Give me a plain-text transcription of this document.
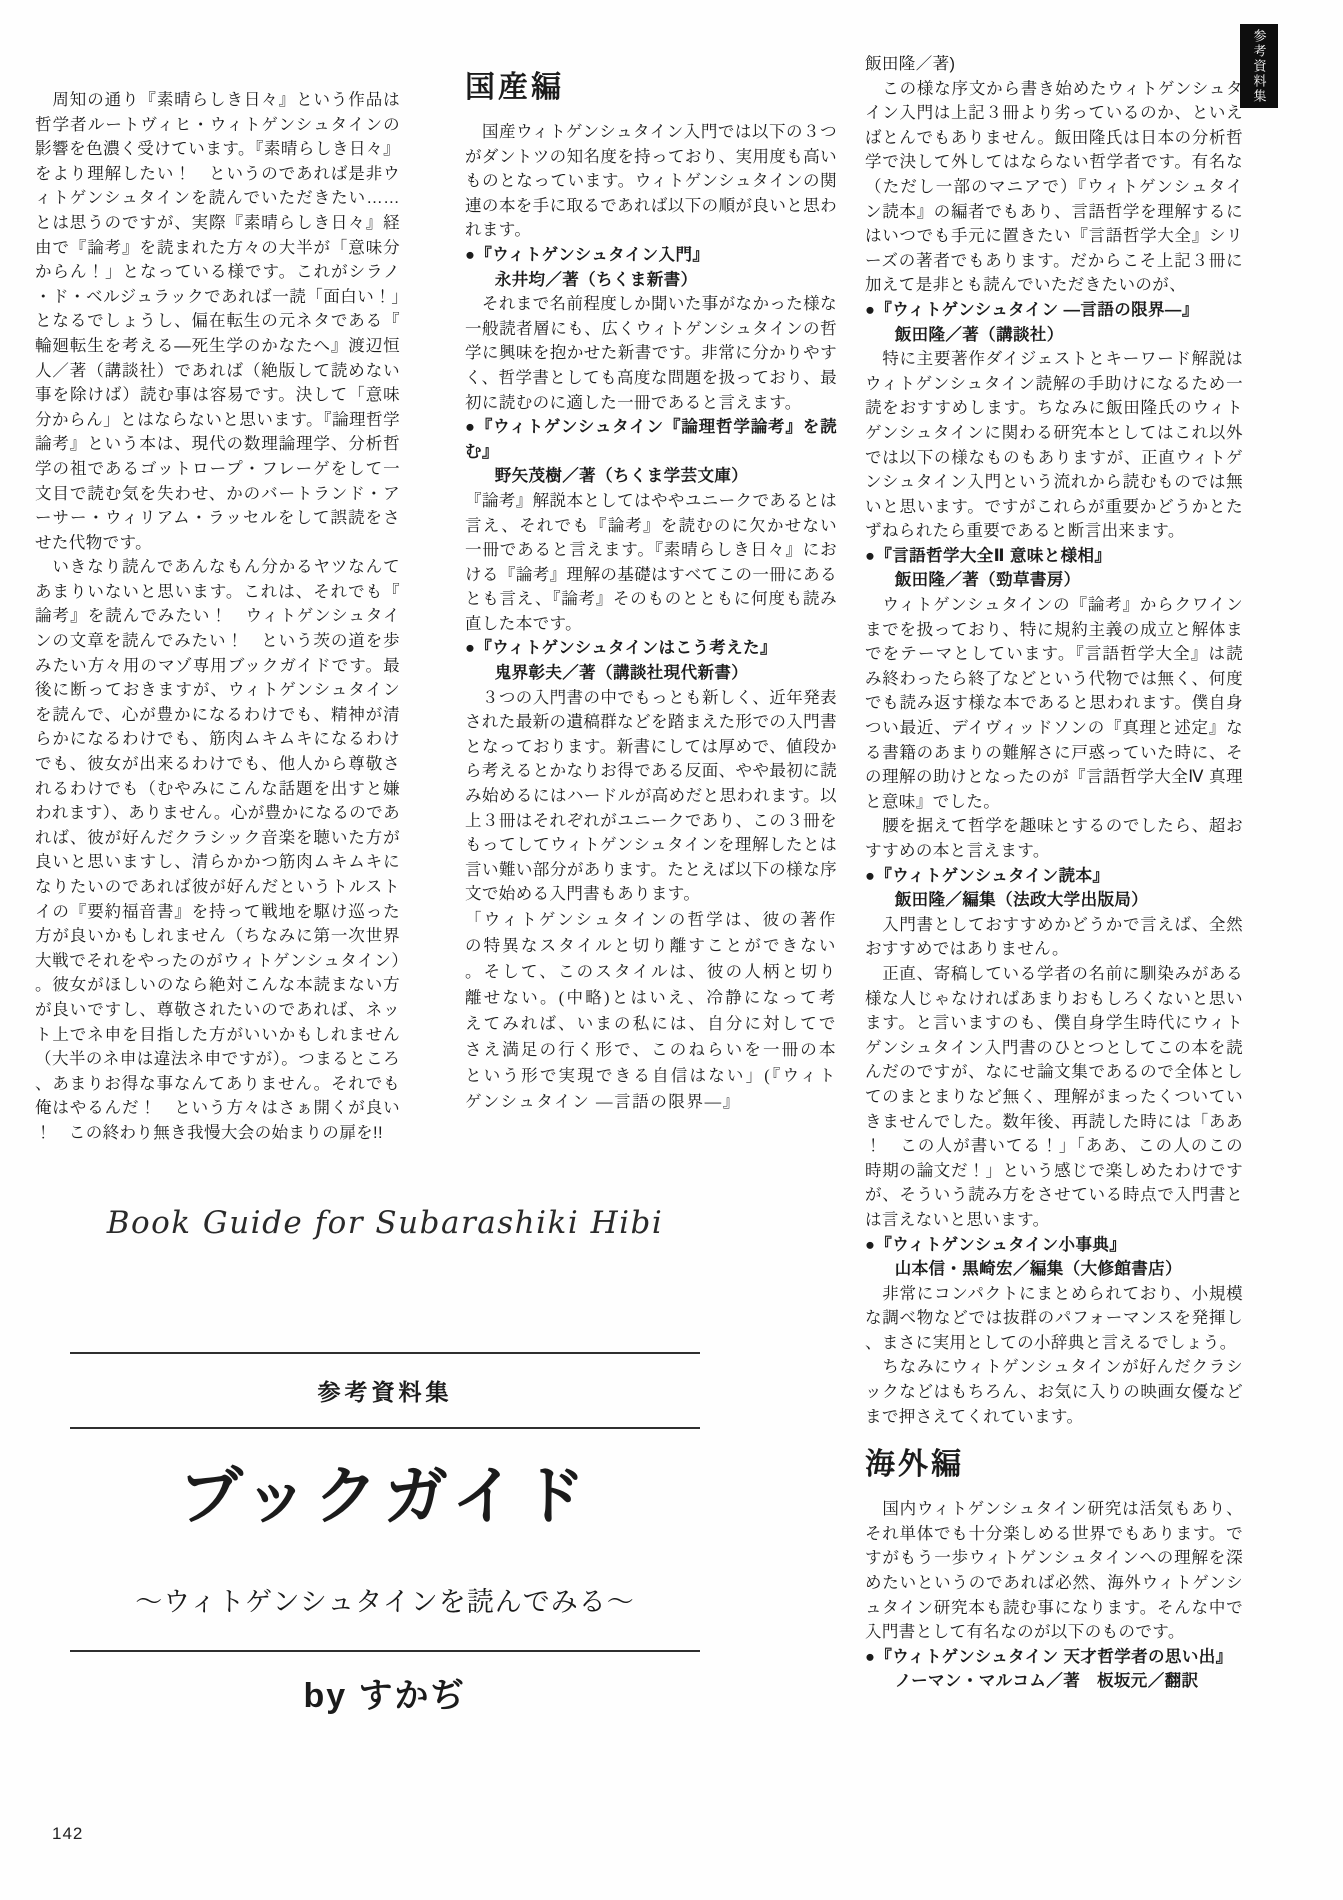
参考資料集

　周知の通り『素晴らしき日々』という作品は哲学者ルートヴィヒ・ウィトゲンシュタインの影響を色濃く受けています。『素晴らしき日々』をより理解したい！　というのであれば是非ウィトゲンシュタインを読んでいただきたい……とは思うのですが、実際『素晴らしき日々』経由で『論考』を読まれた方々の大半が「意味分からん！」となっている様です。これがシラノ・ド・ベルジュラックであれば一読「面白い！」となるでしょうし、偏在転生の元ネタである『輪廻転生を考える―死生学のかなたへ』渡辺恒人／著（講談社）であれば（絶版して読めない事を除けば）読む事は容易です。決して「意味分からん」とはならないと思います。『論理哲学論考』という本は、現代の数理論理学、分析哲学の祖であるゴットロープ・フレーゲをして一文目で読む気を失わせ、かのバートランド・アーサー・ウィリアム・ラッセルをして誤読をさせた代物です。

　いきなり読んであんなもん分かるヤツなんてあまりいないと思います。これは、それでも『論考』を読んでみたい！　ウィトゲンシュタインの文章を読んでみたい！　という茨の道を歩みたい方々用のマゾ専用ブックガイドです。最後に断っておきますが、ウィトゲンシュタインを読んで、心が豊かになるわけでも、精神が清らかになるわけでも、筋肉ムキムキになるわけでも、彼女が出来るわけでも、他人から尊敬されるわけでも（むやみにこんな話題を出すと嫌われます）、ありません。心が豊かになるのであれば、彼が好んだクラシック音楽を聴いた方が良いと思いますし、清らかかつ筋肉ムキムキになりたいのであれば彼が好んだというトルストイの『要約福音書』を持って戦地を駆け巡った方が良いかもしれません（ちなみに第一次世界大戦でそれをやったのがウィトゲンシュタイン）。彼女がほしいのなら絶対こんな本読まない方が良いですし、尊敬されたいのであれば、ネット上でネ申を目指した方がいいかもしれません（大半のネ申は違法ネ申ですが）。つまるところ、あまりお得な事なんてありません。それでも俺はやるんだ！　という方々はさぁ開くが良い！　この終わり無き我慢大会の始まりの扉を!!

国産編

　国産ウィトゲンシュタイン入門では以下の３つがダントツの知名度を持っており、実用度も高いものとなっています。ウィトゲンシュタインの関連の本を手に取るであれば以下の順が良いと思われます。

●『ウィトゲンシュタイン入門』

永井均／著（ちくま新書）

　それまで名前程度しか聞いた事がなかった様な一般読者層にも、広くウィトゲンシュタインの哲学に興味を抱かせた新書です。非常に分かりやすく、哲学書としても高度な問題を扱っており、最初に読むのに適した一冊であると言えます。

●『ウィトゲンシュタイン『論理哲学論考』を読む』

野矢茂樹／著（ちくま学芸文庫）

『論考』解説本としてはややユニークであるとは言え、それでも『論考』を読むのに欠かせない一冊であると言えます。『素晴らしき日々』における『論考』理解の基礎はすべてこの一冊にあるとも言え、『論考』そのものとともに何度も読み直した本です。

●『ウィトゲンシュタインはこう考えた』

鬼界彰夫／著（講談社現代新書）

　３つの入門書の中でもっとも新しく、近年発表された最新の遺稿群などを踏まえた形での入門書となっております。新書にしては厚めで、値段から考えるとかなりお得である反面、やや最初に読み始めるにはハードルが高めだと思われます。以上３冊はそれぞれがユニークであり、この３冊をもってしてウィトゲンシュタインを理解したとは言い難い部分があります。たとえば以下の様な序文で始める入門書もあります。

「ウィトゲンシュタインの哲学は、彼の著作の特異なスタイルと切り離すことができない。そして、このスタイルは、彼の人柄と切り離せない。(中略)とはいえ、冷静になって考えてみれば、いまの私には、自分に対してでさえ満足の行く形で、このねらいを一冊の本という形で実現できる自信はない」(『ウィトゲンシュタイン ―言語の限界―』

飯田隆／著)

　この様な序文から書き始めたウィトゲンシュタイン入門は上記３冊より劣っているのか、といえばとんでもありません。飯田隆氏は日本の分析哲学で決して外してはならない哲学者です。有名な（ただし一部のマニアで）『ウィトゲンシュタイン読本』の編者でもあり、言語哲学を理解するにはいつでも手元に置きたい『言語哲学大全』シリーズの著者でもあります。だからこそ上記３冊に加えて是非とも読んでいただきたいのが、

●『ウィトゲンシュタイン ―言語の限界―』

飯田隆／著（講談社）

　特に主要著作ダイジェストとキーワード解説はウィトゲンシュタイン読解の手助けになるため一読をおすすめします。ちなみに飯田隆氏のウィトゲンシュタインに関わる研究本としてはこれ以外では以下の様なものもありますが、正直ウィトゲンシュタイン入門という流れから読むものでは無いと思います。ですがこれらが重要かどうかとたずねられたら重要であると断言出来ます。

●『言語哲学大全Ⅱ 意味と様相』

飯田隆／著（勁草書房）

　ウィトゲンシュタインの『論考』からクワインまでを扱っており、特に規約主義の成立と解体までをテーマとしています。『言語哲学大全』は読み終わったら終了などという代物では無く、何度でも読み返す様な本であると思われます。僕自身つい最近、デイヴィッドソンの『真理と述定』なる書籍のあまりの難解さに戸惑っていた時に、その理解の助けとなったのが『言語哲学大全Ⅳ 真理と意味』でした。

　腰を据えて哲学を趣味とするのでしたら、超おすすめの本と言えます。

●『ウィトゲンシュタイン読本』

飯田隆／編集（法政大学出版局）

　入門書としておすすめかどうかで言えば、全然おすすめではありません。

　正直、寄稿している学者の名前に馴染みがある様な人じゃなければあまりおもしろくないと思います。と言いますのも、僕自身学生時代にウィトゲンシュタイン入門書のひとつとしてこの本を読んだのですが、なにせ論文集であるので全体としてのまとまりなど無く、理解がまったくついていきませんでした。数年後、再読した時には「ああ！　この人が書いてる！」「ああ、この人のこの時期の論文だ！」という感じで楽しめたわけですが、そういう読み方をさせている時点で入門書とは言えないと思います。

●『ウィトゲンシュタイン小事典』

山本信・黒崎宏／編集（大修館書店）

　非常にコンパクトにまとめられており、小規模な調べ物などでは抜群のパフォーマンスを発揮し、まさに実用としての小辞典と言えるでしょう。

　ちなみにウィトゲンシュタインが好んだクラシックなどはもちろん、お気に入りの映画女優などまで押さえてくれています。

海外編

　国内ウィトゲンシュタイン研究は活気もあり、それ単体でも十分楽しめる世界でもあります。ですがもう一歩ウィトゲンシュタインへの理解を深めたいというのであれば必然、海外ウィトゲンシュタイン研究本も読む事になります。そんな中で入門書として有名なのが以下のものです。

●『ウィトゲンシュタイン 天才哲学者の思い出』

ノーマン・マルコム／著　板坂元／翻訳

Book Guide for Subarashiki Hibi
参考資料集
ブックガイド
～ウィトゲンシュタインを読んでみる～
by すかぢ
142
